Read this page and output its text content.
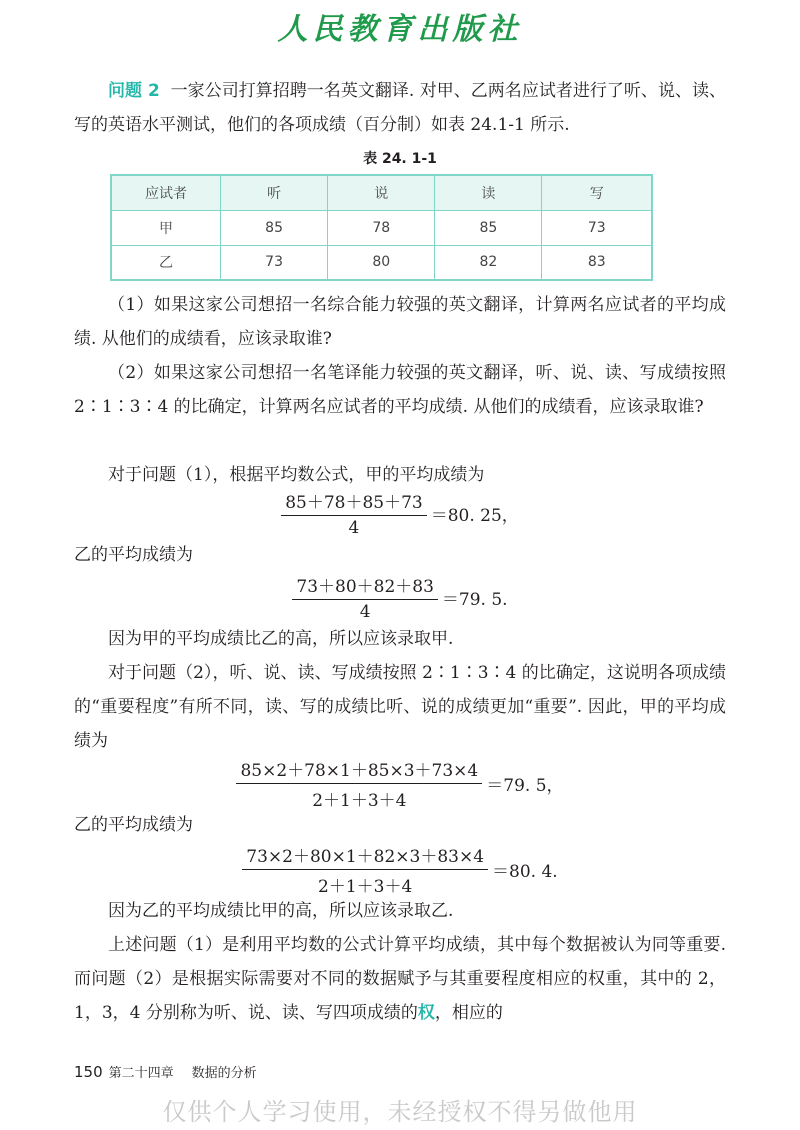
人民教育出版社

问题 2 一家公司打算招聘一名英文翻译. 对甲、乙两名应试者进行了听、说、读、写的英语水平测试，他们的各项成绩（百分制）如表 24.1-1 所示.

表 24. 1-1
应试者	听	说	读	写
甲	85	78	85	73
乙	73	80	82	83

（1）如果这家公司想招一名综合能力较强的英文翻译，计算两名应试者的平均成绩. 从他们的成绩看，应该录取谁?

（2）如果这家公司想招一名笔译能力较强的英文翻译，听、说、读、写成绩按照 2∶1∶3∶4 的比确定，计算两名应试者的平均成绩. 从他们的成绩看，应该录取谁?

对于问题（1），根据平均数公式，甲的平均成绩为

$\frac{85+78+85+73}{4} =80$. 25，

乙的平均成绩为

$\frac{73+80+82+83}{4} =79$. 5.

因为甲的平均成绩比乙的高，所以应该录取甲.

对于问题（2），听、说、读、写成绩按照 2∶1∶3∶4 的比确定，这说明各项成绩的“重要程度”有所不同，读、写的成绩比听、说的成绩更加“重要”. 因此，甲的平均成绩为

$\frac{85\times 2+78\times 1+85\times 3+73\times 4}{2+1+3+4} =79$. 5，

乙的平均成绩为

$\frac{73\times 2+80\times 1+82\times 3+83\times 4}{2+1+3+4} =80$. 4.

因为乙的平均成绩比甲的高，所以应该录取乙.

上述问题（1）是利用平均数的公式计算平均成绩，其中每个数据被认为同等重要. 而问题（2）是根据实际需要对不同的数据赋予与其重要程度相应的权重，其中的 2，1，3，4 分别称为听、说、读、写四项成绩的权，相应的

150 第二十四章 数据的分析
仅供个人学习使用，未经授权不得另做他用
